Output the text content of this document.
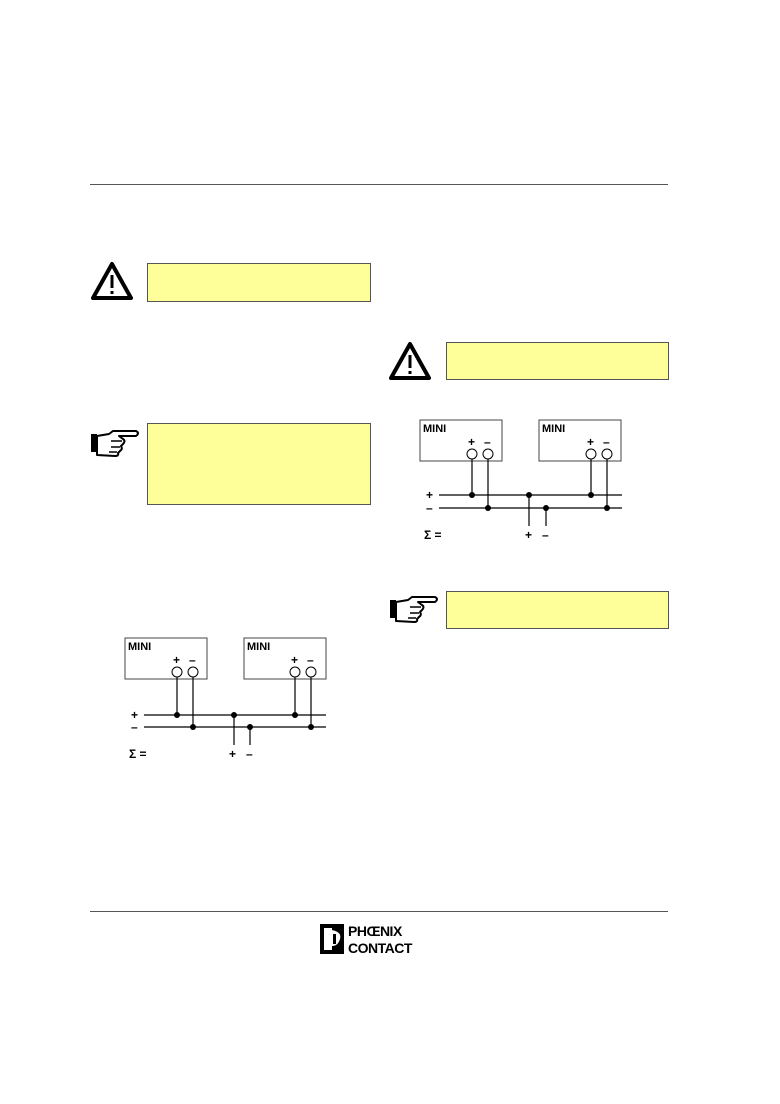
MINI
+ –
MINI
+ –
+
–
Σ =	+ –
MINI
+ –
MINI
+ –
+
–
Σ =	+ –
PHŒNIX
CONTACT
